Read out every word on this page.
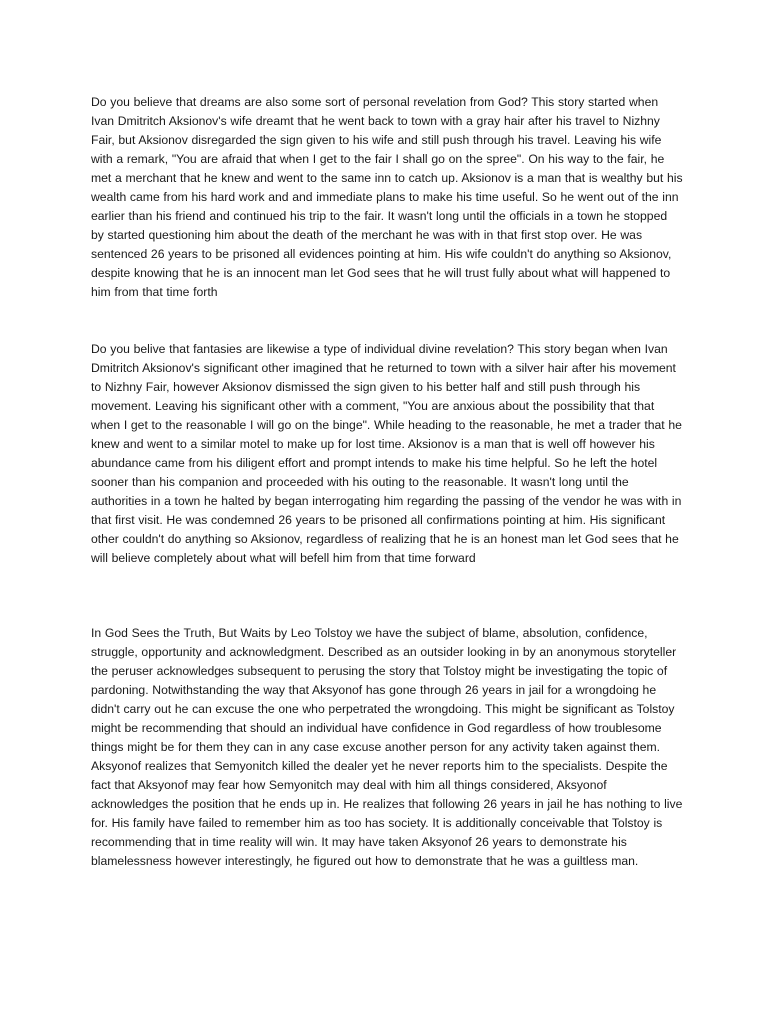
Do you believe that dreams are also some sort of personal revelation from God? This story started when Ivan Dmitritch Aksionov's wife dreamt that he went back to town with a gray hair after his travel to Nizhny Fair, but Aksionov disregarded the sign given to his wife and still push through his travel. Leaving his wife with a remark, "You are afraid that when I get to the fair I shall go on the spree". On his way to the fair, he met a merchant that he knew and went to the same inn to catch up. Aksionov is a man that is wealthy but his wealth came from his hard work and and immediate plans to make his time useful. So he went out of the inn earlier than his friend and continued his trip to the fair. It wasn't long until the officials in a town he stopped by started questioning him about the death of the merchant he was with in that first stop over. He was sentenced 26 years to be prisoned all evidences pointing at him. His wife couldn't do anything so Aksionov, despite knowing that he is an innocent man let God sees that he will trust fully about what will happened to him from that time forth

Do you belive that fantasies are likewise a type of individual divine revelation? This story began when Ivan Dmitritch Aksionov's significant other imagined that he returned to town with a silver hair after his movement to Nizhny Fair, however Aksionov dismissed the sign given to his better half and still push through his movement. Leaving his significant other with a comment, "You are anxious about the possibility that that when I get to the reasonable I will go on the binge". While heading to the reasonable, he met a trader that he knew and went to a similar motel to make up for lost time. Aksionov is a man that is well off however his abundance came from his diligent effort and prompt intends to make his time helpful. So he left the hotel sooner than his companion and proceeded with his outing to the reasonable. It wasn't long until the authorities in a town he halted by began interrogating him regarding the passing of the vendor he was with in that first visit. He was condemned 26 years to be prisoned all confirmations pointing at him. His significant other couldn't do anything so Aksionov, regardless of realizing that he is an honest man let God sees that he will believe completely about what will befell him from that time forward

In God Sees the Truth, But Waits by Leo Tolstoy we have the subject of blame, absolution, confidence, struggle, opportunity and acknowledgment. Described as an outsider looking in by an anonymous storyteller the peruser acknowledges subsequent to perusing the story that Tolstoy might be investigating the topic of pardoning. Notwithstanding the way that Aksyonof has gone through 26 years in jail for a wrongdoing he didn't carry out he can excuse the one who perpetrated the wrongdoing. This might be significant as Tolstoy might be recommending that should an individual have confidence in God regardless of how troublesome things might be for them they can in any case excuse another person for any activity taken against them. Aksyonof realizes that Semyonitch killed the dealer yet he never reports him to the specialists. Despite the fact that Aksyonof may fear how Semyonitch may deal with him all things considered, Aksyonof acknowledges the position that he ends up in. He realizes that following 26 years in jail he has nothing to live for. His family have failed to remember him as too has society. It is additionally conceivable that Tolstoy is recommending that in time reality will win. It may have taken Aksyonof 26 years to demonstrate his blamelessness however interestingly, he figured out how to demonstrate that he was a guiltless man.
